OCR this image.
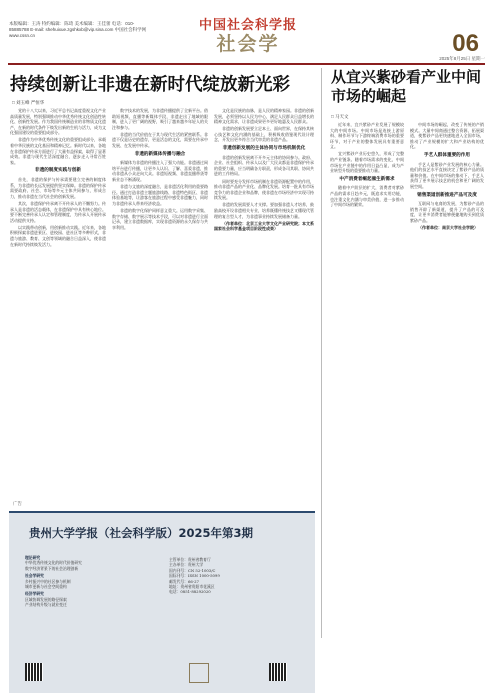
本版编辑：王涛 特约编辑：陈琦 美术编辑：王佳蕾 电话：010-85885788 E-mail: shehuixue.zgshkxb@vip.sina.com 中国社会科学网 www.cssn.cn
中国社会科学报
社会学	06
2025年8月25日 星期一
持续创新让非遗在新时代绽放新光彩
□ 刘玉峰 严恒华

党的十八大以来，习近平总书记高度重视文化产业高质量发展，特别强调推动中华优秀传统文化创造性转化、创新性发展。作为我国传统制造业的非物质文化遗产，在新的时代条件下焕发出新的生机与活力，成为文化强国建设的重要组成部分。

非遗作为中华优秀传统文化的重要组成部分，承载着中华民族的文化基因和精神记忆。新时代以来，各地在非遗保护传承方面进行了大量有益探索，取得了显著成效。非遗与现代生活深度融合，逐步走入寻常百姓家。

非遗的制度实践与创新

首先，非遗的保护与传承需要建立完善的制度体系，为非遗的长远发展提供坚实保障。非遗的保护传承需要政府、社会、市场等多元主体共同参与，形成合力，推动非遗在当代社会的创新发展。

其次，非遗保护传承离不开传承人的不懈努力。传承人是非遗的活态载体，在非遗保护中具有核心地位。要不断完善传承人认定和管理制度，为传承人开展传承活动提供支持。

以实践带动创新，用创新推动实践。近年来，各地积极探索非遗进景区、进校园、进社区等多种形式，非遗与旅游、教育、文创等领域的融合日益深入，使非遗在新时代持续焕发活力。

数字技术的发展，为非遗传播提供了全新平台。借助短视频、直播等新媒体手段，非遗走出了地域的限制，进入了更广阔的视野，吸引了越来越多年轻人的关注和参与。

非遗的当代价值在于其与现代生活的紧密联系。非遗不仅是历史的遗存，更是活态的文化，需要在传承中发展、在发展中传承。

非遗的新媒体传播与融合

新媒体为非遗的传播注入了强大动能。非遗通过网络平台进行传播，让更多人认识、了解、喜爱非遗，推动非遗从小众走向大众。非遗短视频、非遗直播带货等新业态不断涌现。

非遗与文旅的深度融合，是非遗活化利用的重要路径。通过打造非遗主题旅游线路、非遗特色街区、非遗体验基地等，让游客在旅游过程中感受非遗魅力，同时为非遗传承人带来经济收益。

非遗的数字化保护同样意义重大。运用数字采集、数字存储、数字展示等技术手段，可以对非遗进行全面记录，建立非遗数据库，实现非遗资源的永久保存与共享利用。

文化是民族的血脉，是人民的精神家园。非遗的创新发展，必须坚持以人民为中心，满足人民群众日益增长的精神文化需求，让非遗成果更多更好地惠及人民群众。

非遗的创新发展要立足本土、面向世界，在保持其核心技艺和文化内涵的基础上，积极吸收借鉴现代设计理念，开发出更多符合当代审美的非遗产品。

非遗创新发展的主体协同与市场机制优化

非遗的创新发展离不开多元主体的协同参与。政府、企业、社会组织、传承人以及广大民众都是非遗保护传承的重要力量，应当明确各方职责，形成各司其职、协同共进的工作格局。

同时要充分发挥市场机制在非遗资源配置中的作用，推动非遗产品的产业化、品牌化发展。培育一批具有市场竞争力的非遗企业和品牌，使非遗在市场经济中实现可持续发展。

非遗的发展需要人才支撑。要加强非遗人才培养，鼓励高校开设非遗相关专业，培养既懂传统技艺又懂现代管理的复合型人才，为非遗事业持续发展储备力量。

（作者单位：北京工业大学文化产业研究院；本文系国家社会科学基金项目阶段性成果）

从宜兴紫砂看产业中间市场的崛起
□ 马天文

近年来，宜兴紫砂产业发展了规模较大的中间市场。中间市场是连接上游原料、制作环节与下游终端消费市场的重要环节，对于产业的整体发展具有重要意义。

宜兴紫砂产业历史悠久，形成了完整的产业链条。随着市场需求的变化，中间市场在产业链中的作用日益凸显，成为产业转型升级的重要推动力量。

中产消费者崛起催生新需求

随着中产阶层的扩大，消费者对紫砂产品的需求日趋多元，既追求实用功能，也注重文化内涵与审美价值，进一步推动了中间市场的繁荣。

中间市场的崛起，改变了传统的产销模式。大量中间商通过整合资源、拓展渠道，使紫砂产品更快速地进入全国市场，推动了产业规模的扩大和产业结构的优化。

手艺人群体重要的作用

手艺人是紫砂产业发展的核心力量。他们的技艺水平直接决定了紫砂产品的质量和价值。在中间市场的推动下，手艺人获得了更多展示技艺的机会和更广阔的发展空间。

销售渠道创新推进产品可及度

互联网与电商的发展，为紫砂产品的销售开辟了新渠道，提升了产品的可及度，让更多消费者能够便捷地购买到优质紫砂产品。

（作者单位：南京大学社会学院）

广告
贵州大学学报（社会科学版）2025年第3期
理论研究
中华优秀传统文化的时代价值研究
数字经济背景下的社会治理创新
社会学研究
乡村振兴中的社区参与机制
城市更新与社会空间重构
经济学研究
区域协调发展的路径探索
产业结构升级与就业变迁
主管单位：贵州省教育厅
主办单位：贵州大学
国内刊号：CN 52-1003/C
国际刊号：ISSN 1000-5099
邮发代号：66-27
地址：贵州省贵阳市花溪区
电话：0851-88292020
